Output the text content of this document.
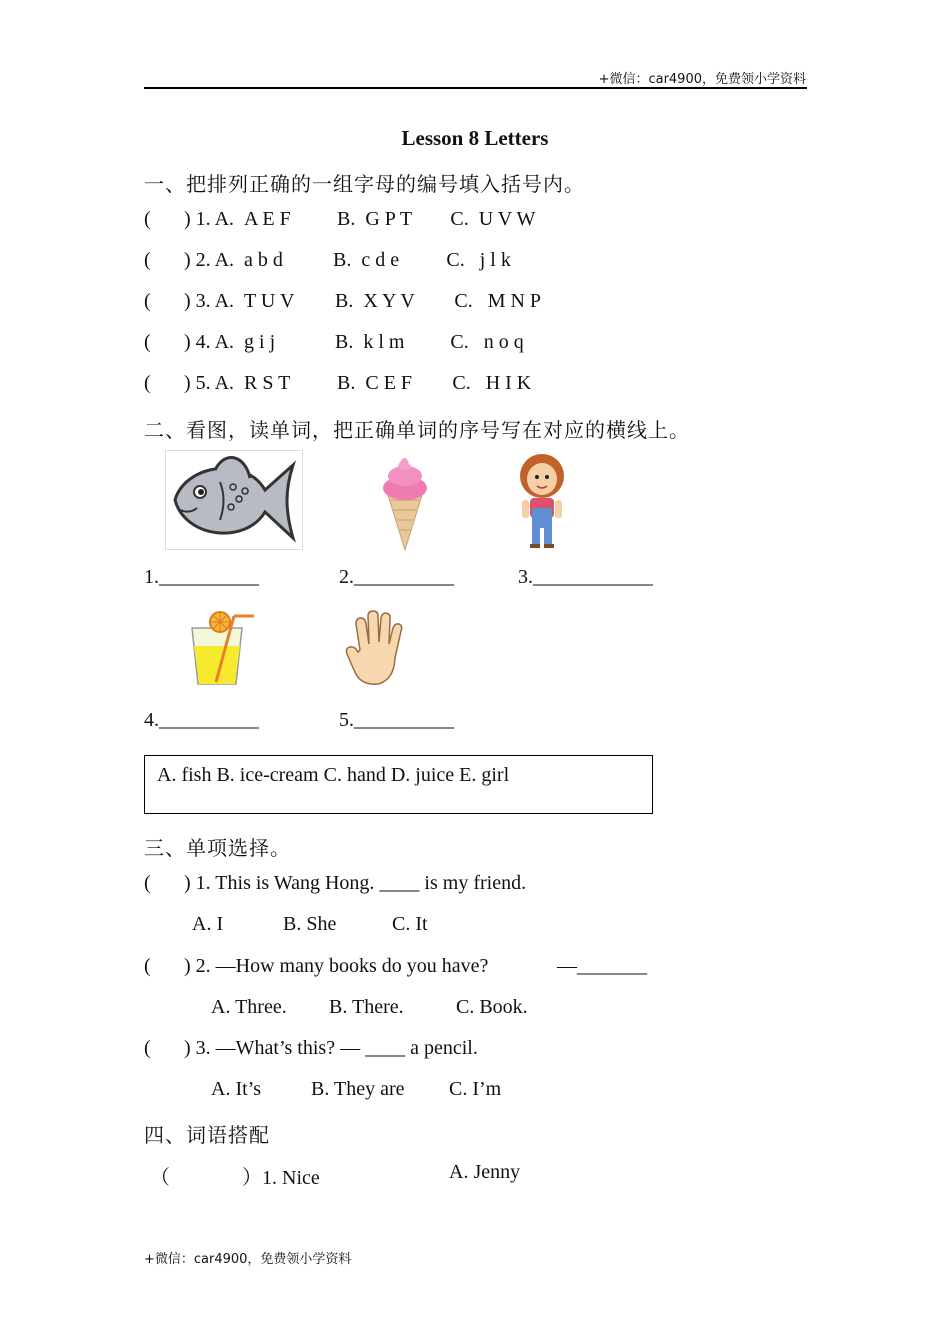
+微信：car4900，免费领小学资料
Lesson 8 Letters
一、把排列正确的一组字母的编号填入括号内。
( ) 1. A. A E F B. G P T C. U V W
( ) 2. A. a b d	B. c d e C. j l k
( ) 3. A. T U V B. X Y V C. M N P
( ) 4. A. g i j	B. k l m C. n o q
( ) 5. A. R S T B. C E F C. H I K
二、看图，读单词，把正确单词的序号写在对应的横线上。
1.__________	2.__________	3.____________
4.__________	5.__________
A. fish B. ice-cream C. hand D. juice E. girl
三、单项选择。
( ) 1. This is Wang Hong. ____ is my friend.
A. I	B. She	C. It
( ) 2. —How many books do you have?	—_______
A. Three. B. There.	C. Book.
( ) 3. —What’s this? — ____ a pencil.
A. It’s	B. They are C. I’m
四、词语搭配
（	）1. Nice	A. Jenny
+微信：car4900，免费领小学资料
